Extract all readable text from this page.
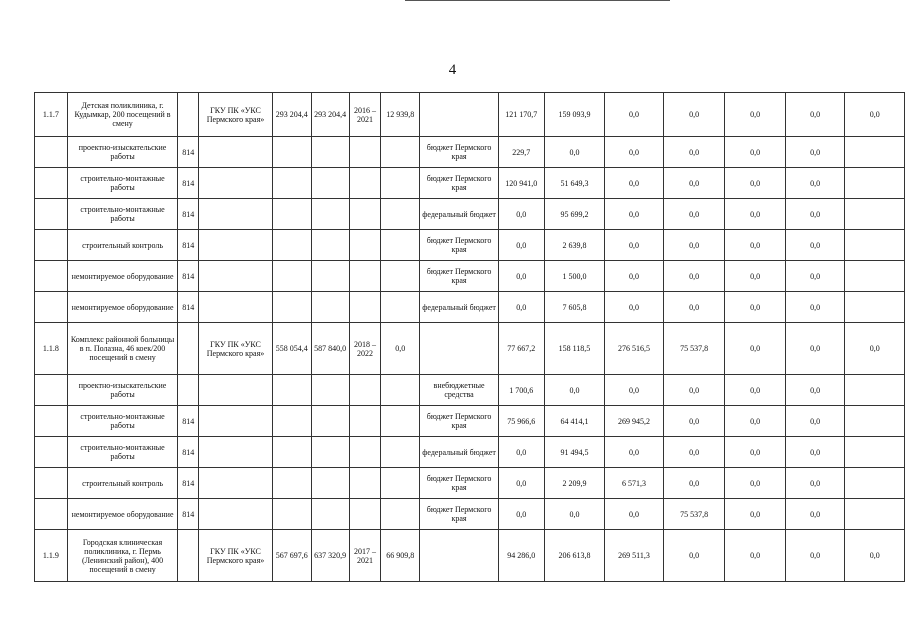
4
1.1.7	Детская поликлиника, г. Кудымкар, 200 посещений в смену		ГКУ ПК «УКС Пермского края»	293 204,4	293 204,4	2016 – 2021	12 939,8		121 170,7	159 093,9	0,0	0,0	0,0	0,0	0,0
	проектно-изыскательские работы	814						бюджет Пермского края	229,7	0,0	0,0	0,0	0,0	0,0	
	строительно-монтажные работы	814						бюджет Пермского края	120 941,0	51 649,3	0,0	0,0	0,0	0,0	
	строительно-монтажные работы	814						федеральный бюджет	0,0	95 699,2	0,0	0,0	0,0	0,0	
	строительный контроль	814						бюджет Пермского края	0,0	2 639,8	0,0	0,0	0,0	0,0	
	немонтируемое оборудование	814						бюджет Пермского края	0,0	1 500,0	0,0	0,0	0,0	0,0	
	немонтируемое оборудование	814						федеральный бюджет	0,0	7 605,8	0,0	0,0	0,0	0,0	
1.1.8	Комплекс районной больницы в п. Полазна, 46 коек/200 посещений в смену		ГКУ ПК «УКС Пермского края»	558 054,4	587 840,0	2018 – 2022	0,0		77 667,2	158 118,5	276 516,5	75 537,8	0,0	0,0	0,0
	проектно-изыскательские работы							внебюджетные средства	1 700,6	0,0	0,0	0,0	0,0	0,0	
	строительно-монтажные работы	814						бюджет Пермского края	75 966,6	64 414,1	269 945,2	0,0	0,0	0,0	
	строительно-монтажные работы	814						федеральный бюджет	0,0	91 494,5	0,0	0,0	0,0	0,0	
	строительный контроль	814						бюджет Пермского края	0,0	2 209,9	6 571,3	0,0	0,0	0,0	
	немонтируемое оборудование	814						бюджет Пермского края	0,0	0,0	0,0	75 537,8	0,0	0,0	
1.1.9	Городская клиническая поликлиника, г. Пермь (Ленинский район), 400 посещений в смену		ГКУ ПК «УКС Пермского края»	567 697,6	637 320,9	2017 – 2021	66 909,8		94 286,0	206 613,8	269 511,3	0,0	0,0	0,0	0,0
